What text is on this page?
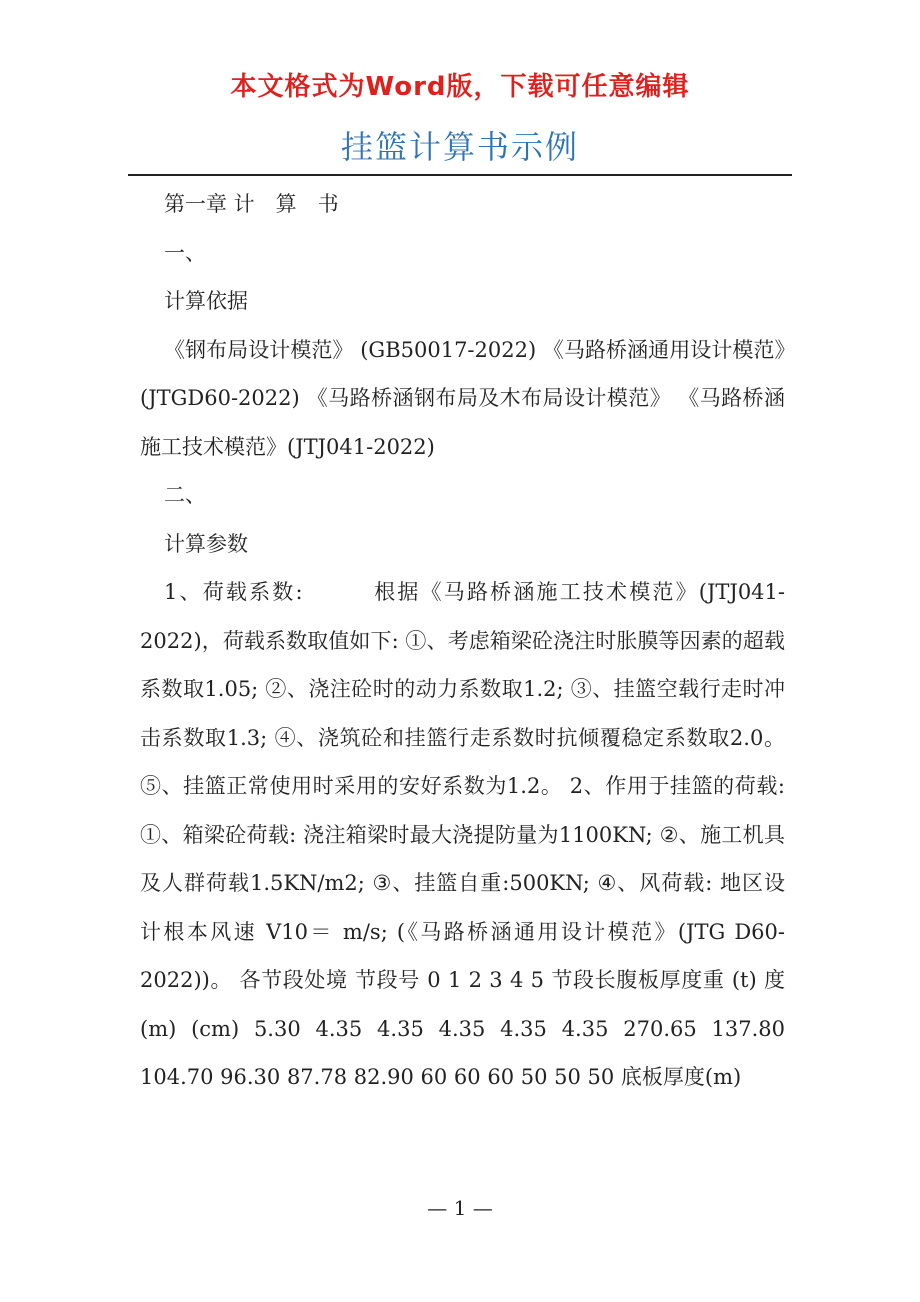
本文格式为Word版，下载可任意编辑
挂篮计算书示例

第一章 计　算　书

一、

计算依据

《钢布局设计模范》 (GB50017-2022) 《马路桥涵通用设计模范》(JTGD60-2022) 《马路桥涵钢布局及木布局设计模范》 《马路桥涵施工技术模范》(JTJ041-2022)

二、

计算参数

1、荷载系数:　　　根据《马路桥涵施工技术模范》(JTJ041-2022)，荷载系数取值如下: ①、考虑箱梁砼浇注时胀膜等因素的超载系数取1.05; ②、浇注砼时的动力系数取1.2; ③、挂篮空载行走时冲击系数取1.3; ④、浇筑砼和挂篮行走系数时抗倾覆稳定系数取2.0。 ⑤、挂篮正常使用时采用的安好系数为1.2。 2、作用于挂篮的荷载: ①、箱梁砼荷载: 浇注箱梁时最大浇提防量为1100KN; ②、施工机具及人群荷载1.5KN/m2; ③、挂篮自重:500KN; ④、风荷载: 地区设计根本风速 V10＝ m/s; (《马路桥涵通用设计模范》(JTG D60-2022))。 各节段处境 节段号 0 1 2 3 4 5 节段长腹板厚度重 (t) 度 (m) (cm) 5.30 4.35 4.35 4.35 4.35 4.35 270.65 137.80 104.70 96.30 87.78 82.90 60 60 60 50 50 50 底板厚度(m)

— 1 —
